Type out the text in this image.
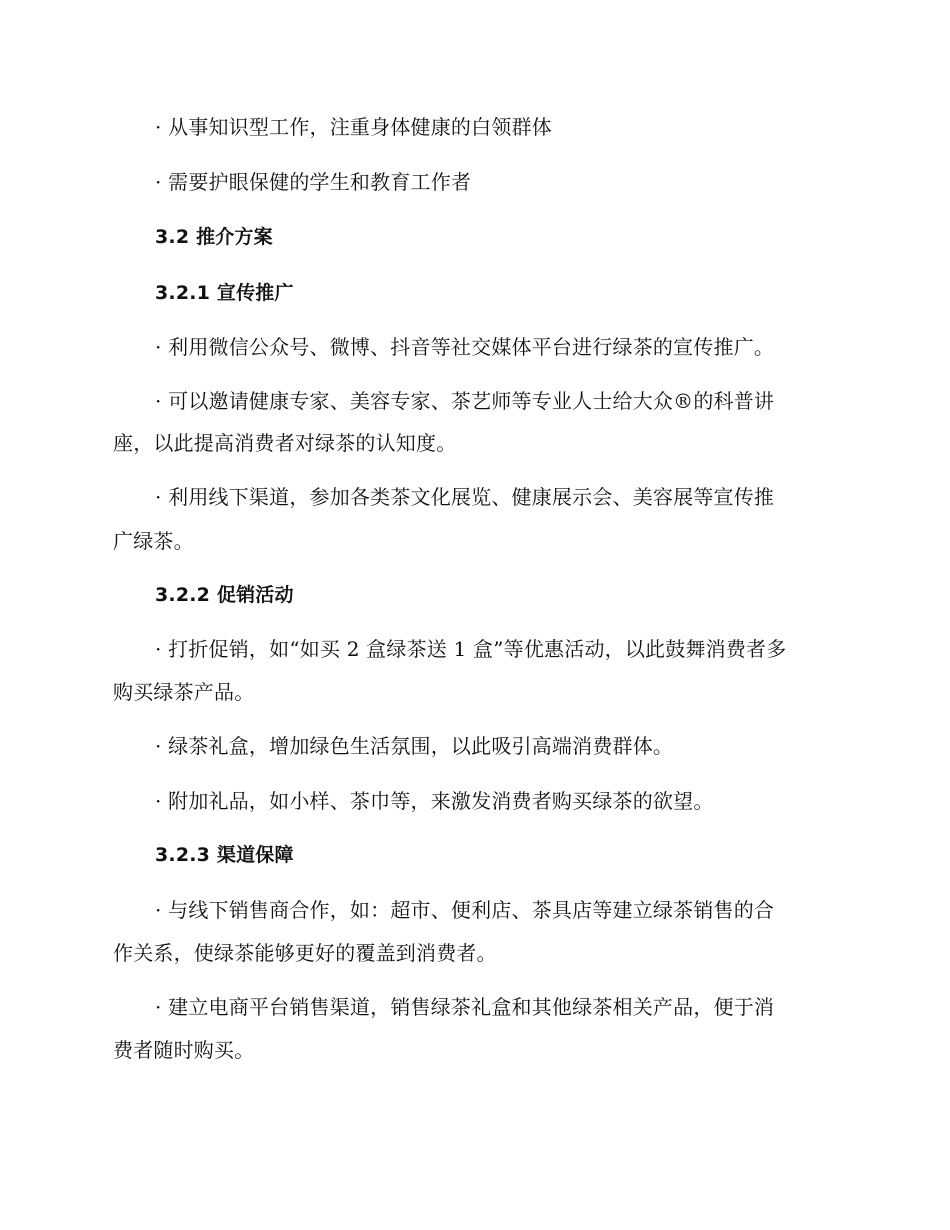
· 从事知识型工作，注重身体健康的白领群体
· 需要护眼保健的学生和教育工作者
3.2 推介方案
3.2.1 宣传推广
· 利用微信公众号、微博、抖音等社交媒体平台进行绿茶的宣传推广。
· 可以邀请健康专家、美容专家、茶艺师等专业人士给大众®的科普讲
座，以此提高消费者对绿茶的认知度。
· 利用线下渠道，参加各类茶文化展览、健康展示会、美容展等宣传推
广绿茶。
3.2.2 促销活动
· 打折促销，如“如买 2 盒绿茶送 1 盒”等优惠活动，以此鼓舞消费者多
购买绿茶产品。
· 绿茶礼盒，增加绿色生活氛围，以此吸引高端消费群体。
· 附加礼品，如小样、茶巾等，来激发消费者购买绿茶的欲望。
3.2.3 渠道保障
· 与线下销售商合作，如：超市、便利店、茶具店等建立绿茶销售的合
作关系，使绿茶能够更好的覆盖到消费者。
· 建立电商平台销售渠道，销售绿茶礼盒和其他绿茶相关产品，便于消
费者随时购买。
